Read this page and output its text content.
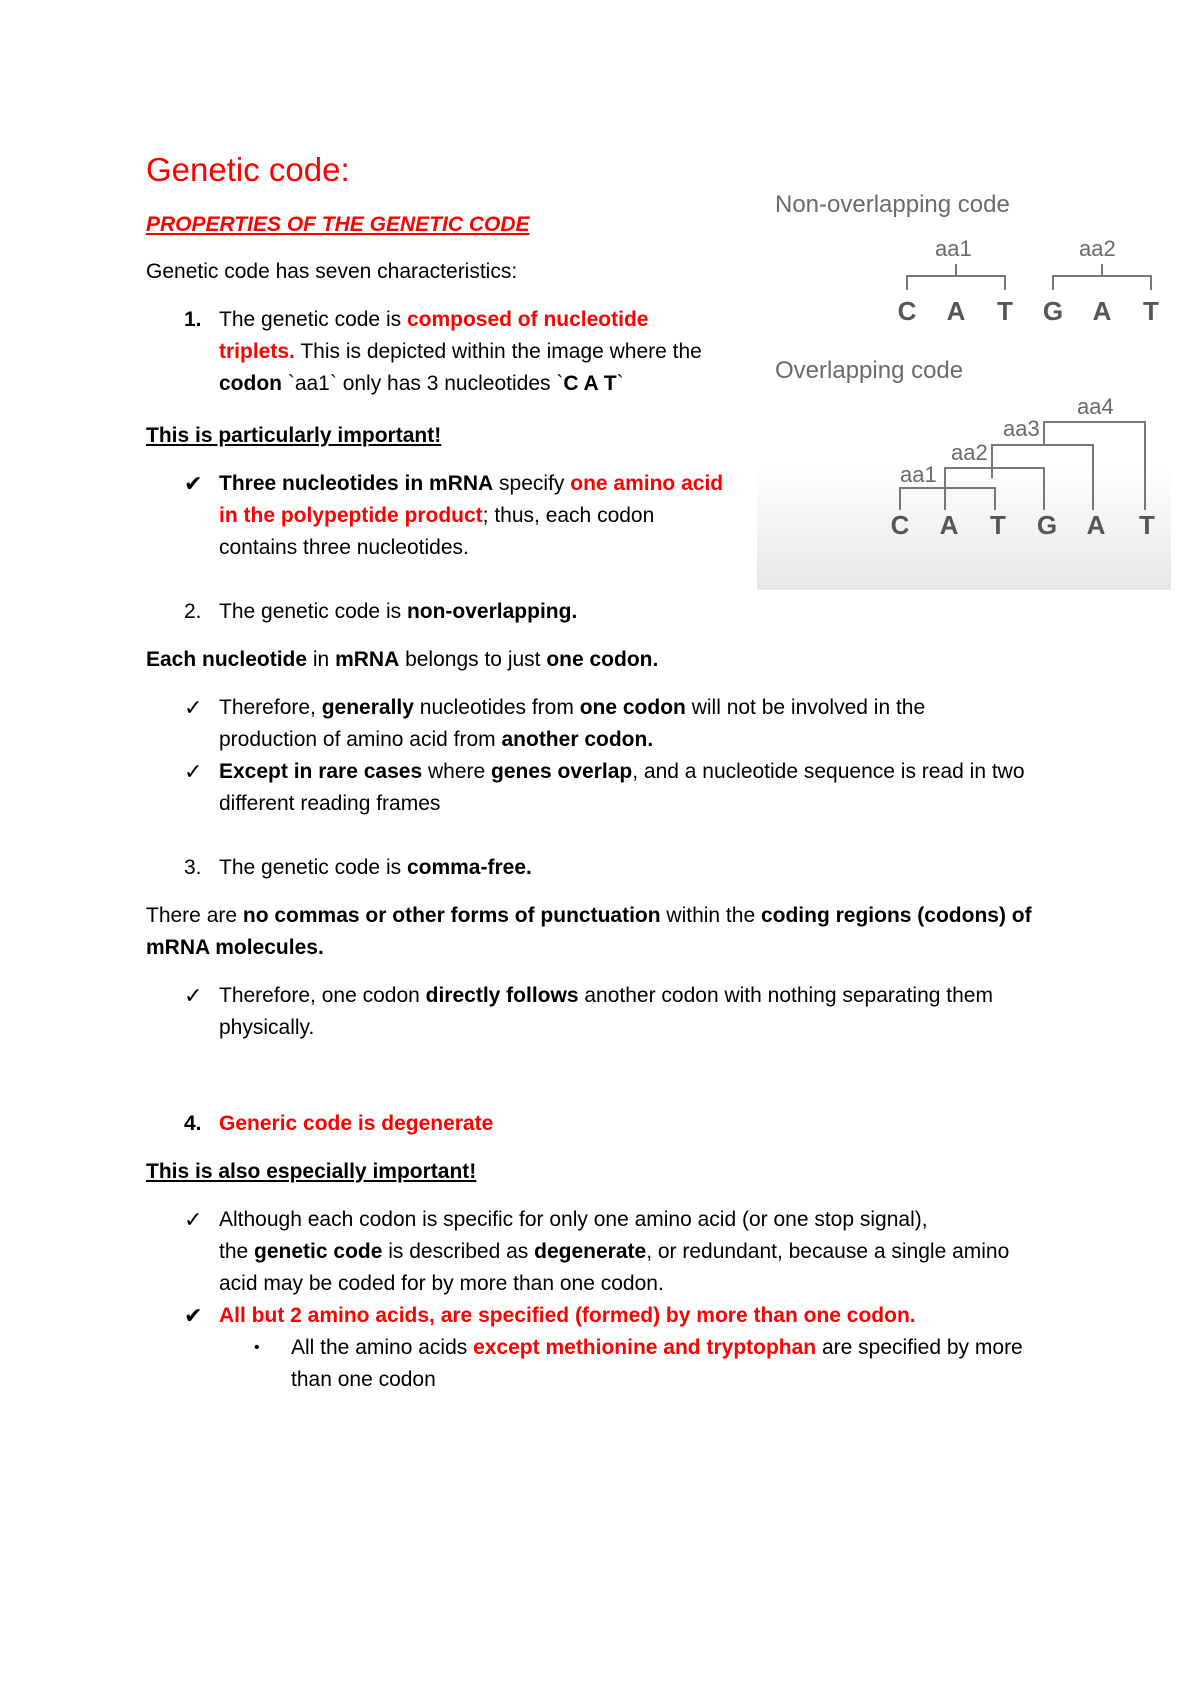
Genetic code:
PROPERTIES OF THE GENETIC CODE
Genetic code has seven characteristics:
1. The genetic code is composed of nucleotide
triplets. This is depicted within the image where the
codon `aa1` only has 3 nucleotides `C A T`
This is particularly important!
✔ Three nucleotides in mRNA specify one amino acid
in the polypeptide product; thus, each codon
contains three nucleotides.
2. The genetic code is non-overlapping.
Each nucleotide in mRNA belongs to just one codon.
✓ Therefore, generally nucleotides from one codon will not be involved in the
production of amino acid from another codon.
✓ Except in rare cases where genes overlap, and a nucleotide sequence is read in two
different reading frames
3. The genetic code is comma-free.
There are no commas or other forms of punctuation within the coding regions (codons) of
mRNA molecules.
✓ Therefore, one codon directly follows another codon with nothing separating them
physically.
4. Generic code is degenerate
This is also especially important!
✓ Although each codon is specific for only one amino acid (or one stop signal),
the genetic code is described as degenerate, or redundant, because a single amino
acid may be coded for by more than one codon.
✔ All but 2 amino acids, are specified (formed) by more than one codon.
• All the amino acids except methionine and tryptophan are specified by more
than one codon
Non-overlapping code
aa1	aa2
C A T G A T
Overlapping code
aa4
aa3
aa2
aa1
C A T G A T
